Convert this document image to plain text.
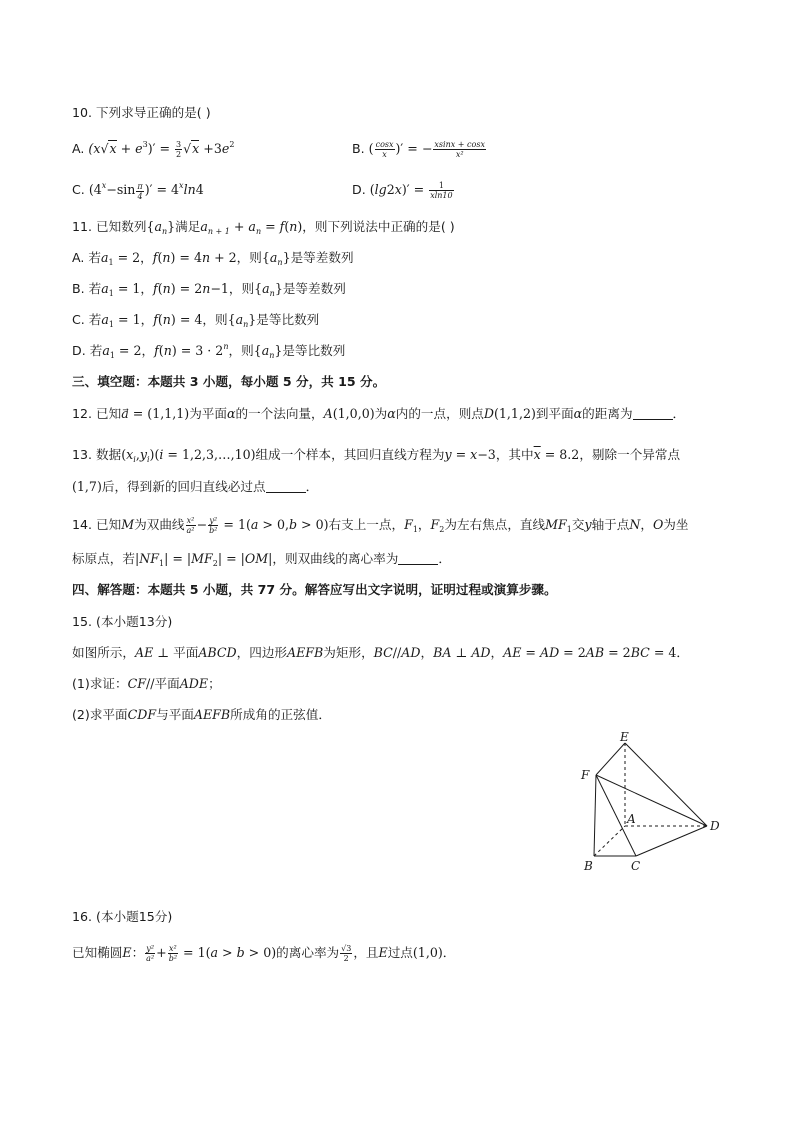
10. 下列求导正确的是( )
A. $(x√x + e^3)' = \frac{3}{2} √x +3e^2$	B. ( $\frac{\cos x}{x}$ )′ = − $\frac{xsinx + \cos x}{\text{x²}}$
C. ($4^x-\sin$ $_{\frac{\pi}{4}}$ )′ = $4^x\ln 4$	D. $(\lg 2x)' = \frac{1}{xln10}$
11. 已知数列$\{a_n\}$满足$a_{n + 1} + a_n = f(n)$，则下列说法中正确的是( )
A. 若$a_1 = 2$，f(n) = 4n + 2，则$\{a_n\}$是等差数列
B. 若$a_1 = 1$，f(n) = 2n−1，则$\{a_n\}$是等差数列
C. 若$a_1 = 1$，f(n) = 4，则$\{a_n\}$是等比数列
D. 若$a_1 = 2$，$f(n) = 3 \cdot 2^n$，则$\{a_n\}$是等比数列
三、填空题：本题共 3 小题，每小题 5 分，共 15 分。
12. 已知a⃗ = (1,1,1)为平面α的一个法向量，A(1,0,0)为α内的一点，则点D(1,1,2)到平面α的距离为	．
13. 数据$(x_i,y_i)(i$ = 1,2,3,…,10)组成一个样本，其回归直线方程为y = x−3，其中$\overline{x} = 8.2$，剔除一个异常点
(1,7)后，得到新的回归直线必过点	．
14. 已知M为双曲线 $\frac{\text{x²}}{\text{a²}} - \frac{\text{y²}}{\text{b²}} = 1(a > 0,b > 0)$右支上一点，$F_1$，$F_2$为左右焦点，直线$MF_1$交y轴于点N，O为坐
标原点，若$|NF_1| = |MF_2| = |OM|$，则双曲线的离心率为	．
四、解答题：本题共 5 小题，共 77 分。解答应写出文字说明，证明过程或演算步骤。
15. (本小题13分)
如图所示，AE ⊥ 平面ABCD，四边形AEFB为矩形，BC//AD，BA ⊥ AD，AE = AD = 2AB = 2BC = 4．
(1)求证：CF//平面ADE；
(2)求平面CDF与平面AEFB所成角的正弦值．
E
F
A	D
B	C
16. (本小题15分)
已知椭圆E： $\frac{\text{y²}}{\text{a²}} + \frac{\text{x²}}{\text{b²}} = 1(a > b > 0)$的离心率为 $\frac{√3}{2}$ ，且E过点(1,0)．
